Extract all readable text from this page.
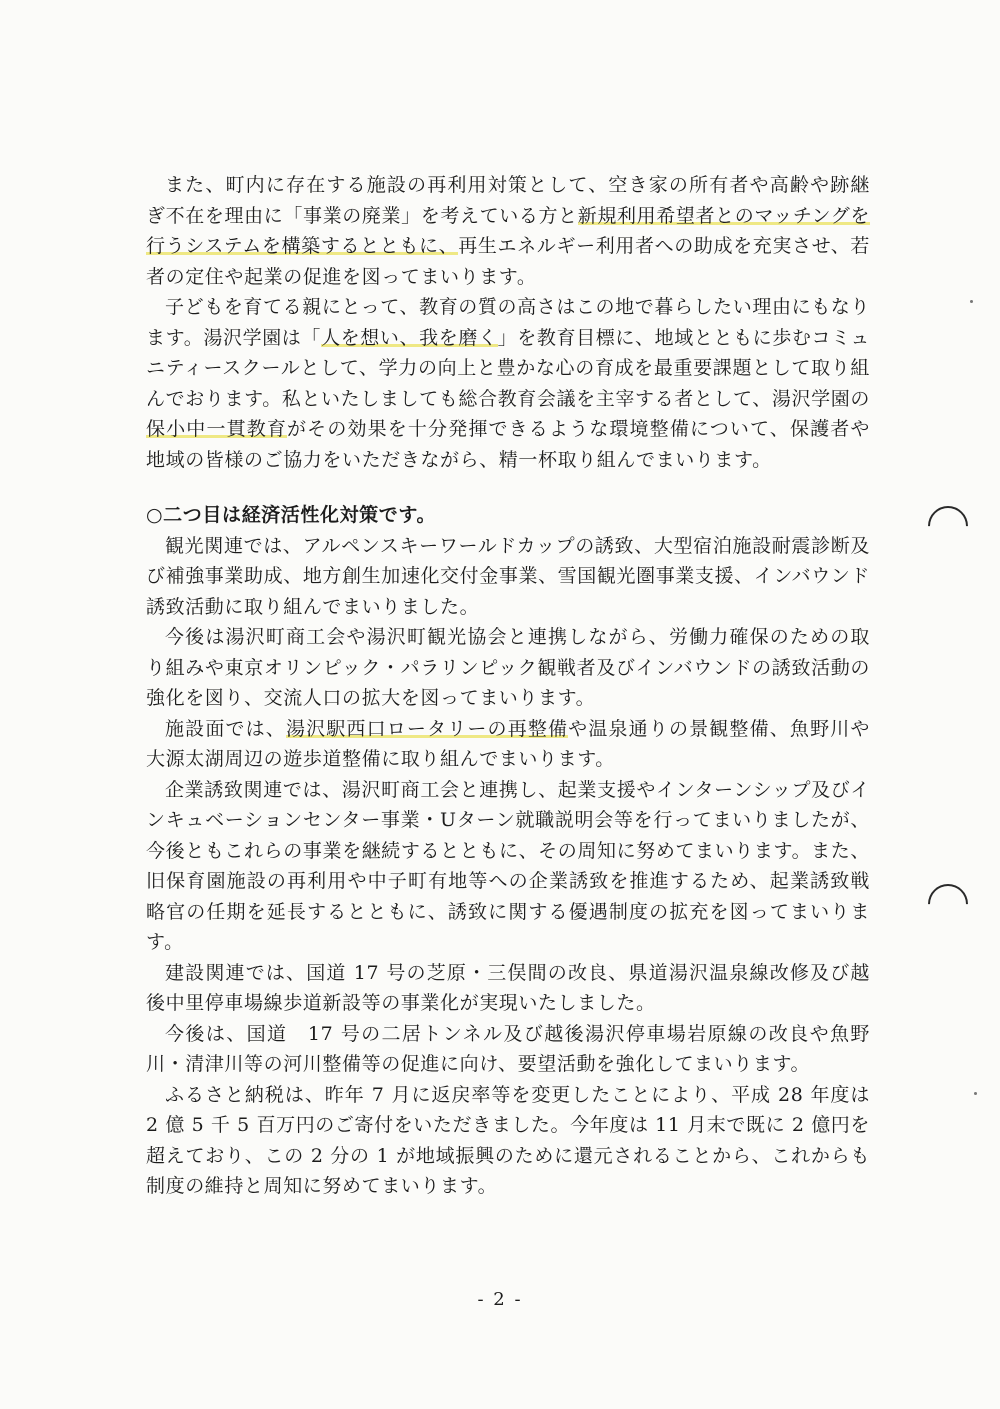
また、町内に存在する施設の再利用対策として、空き家の所有者や高齢や跡継ぎ不在を理由に「事業の廃業」を考えている方と新規利用希望者とのマッチングを行うシステムを構築するとともに、再生エネルギー利用者への助成を充実させ、若者の定住や起業の促進を図ってまいります。

子どもを育てる親にとって、教育の質の高さはこの地で暮らしたい理由にもなります。湯沢学園は「人を想い、我を磨く」を教育目標に、地域とともに歩むコミュニティースクールとして、学力の向上と豊かな心の育成を最重要課題として取り組んでおります。私といたしましても総合教育会議を主宰する者として、湯沢学園の保小中一貫教育がその効果を十分発揮できるような環境整備について、保護者や地域の皆様のご協力をいただきながら、精一杯取り組んでまいります。

○二つ目は経済活性化対策です。

観光関連では、アルペンスキーワールドカップの誘致、大型宿泊施設耐震診断及び補強事業助成、地方創生加速化交付金事業、雪国観光圏事業支援、インバウンド誘致活動に取り組んでまいりました。

今後は湯沢町商工会や湯沢町観光協会と連携しながら、労働力確保のための取り組みや東京オリンピック・パラリンピック観戦者及びインバウンドの誘致活動の強化を図り、交流人口の拡大を図ってまいります。

施設面では、湯沢駅西口ロータリーの再整備や温泉通りの景観整備、魚野川や大源太湖周辺の遊歩道整備に取り組んでまいります。

企業誘致関連では、湯沢町商工会と連携し、起業支援やインターンシップ及びインキュベーションセンター事業・Uターン就職説明会等を行ってまいりましたが、今後ともこれらの事業を継続するとともに、その周知に努めてまいります。また、旧保育園施設の再利用や中子町有地等への企業誘致を推進するため、起業誘致戦略官の任期を延長するとともに、誘致に関する優遇制度の拡充を図ってまいります。

建設関連では、国道 17 号の芝原・三俣間の改良、県道湯沢温泉線改修及び越後中里停車場線歩道新設等の事業化が実現いたしました。

今後は、国道　17 号の二居トンネル及び越後湯沢停車場岩原線の改良や魚野川・清津川等の河川整備等の促進に向け、要望活動を強化してまいります。

ふるさと納税は、昨年 7 月に返戻率等を変更したことにより、平成 28 年度は 2 億 5 千 5 百万円のご寄付をいただきました。今年度は 11 月末で既に 2 億円を超えており、この 2 分の 1 が地域振興のために還元されることから、これからも制度の維持と周知に努めてまいります。

- 2 -
